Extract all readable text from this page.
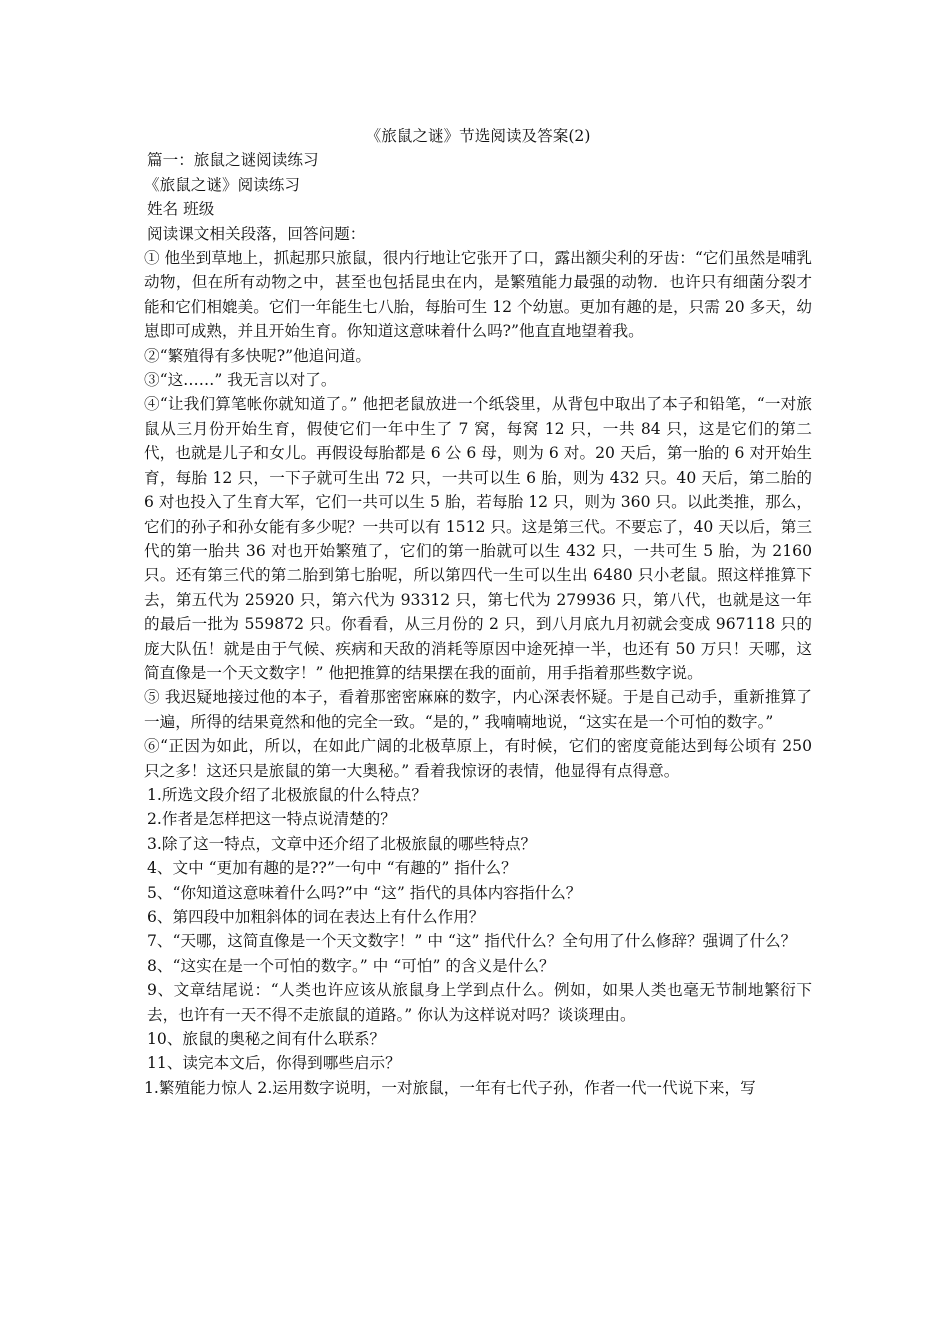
《旅鼠之谜》节选阅读及答案(2)

篇一：旅鼠之谜阅读练习

《旅鼠之谜》阅读练习

姓名 班级

阅读课文相关段落，回答问题：

① 他坐到草地上，抓起那只旅鼠，很内行地让它张开了口，露出额尖利的牙齿：“它们虽然是哺乳动物，但在所有动物之中，甚至也包括昆虫在内，是繁殖能力最强的动物．也许只有细菌分裂才能和它们相媲美。它们一年能生七八胎，每胎可生 12 个幼崽。更加有趣的是，只需 20 多天，幼崽即可成熟，并且开始生育。你知道这意味着什么吗?”他直直地望着我。

②“繁殖得有多快呢?”他追问道。

③“这……” 我无言以对了。

④“让我们算笔帐你就知道了。” 他把老鼠放进一个纸袋里，从背包中取出了本子和铅笔，“一对旅鼠从三月份开始生育，假使它们一年中生了 7 窝，每窝 12 只，一共 84 只，这是它们的第二代，也就是儿子和女儿。再假设每胎都是 6 公 6 母，则为 6 对。20 天后，第一胎的 6 对开始生育，每胎 12 只，一下子就可生出 72 只，一共可以生 6 胎，则为 432 只。40 天后，第二胎的 6 对也投入了生育大军，它们一共可以生 5 胎，若每胎 12 只，则为 360 只。以此类推，那么，它们的孙子和孙女能有多少呢？一共可以有 1512 只。这是第三代。不要忘了，40 天以后，第三代的第一胎共 36 对也开始繁殖了，它们的第一胎就可以生 432 只，一共可生 5 胎，为 2160 只。还有第三代的第二胎到第七胎呢，所以第四代一生可以生出 6480 只小老鼠。照这样推算下去，第五代为 25920 只，第六代为 93312 只，第七代为 279936 只，第八代，也就是这一年的最后一批为 559872 只。你看看，从三月份的 2 只，到八月底九月初就会变成 967118 只的庞大队伍！就是由于气候、疾病和天敌的消耗等原因中途死掉一半，也还有 50 万只！天哪，这简直像是一个天文数字！” 他把推算的结果摆在我的面前，用手指着那些数字说。

⑤ 我迟疑地接过他的本子，看着那密密麻麻的数字，内心深表怀疑。于是自己动手，重新推算了一遍，所得的结果竟然和他的完全一致。“是的，” 我喃喃地说，“这实在是一个可怕的数字。”

⑥“正因为如此，所以，在如此广阔的北极草原上，有时候，它们的密度竟能达到每公顷有 250 只之多！这还只是旅鼠的第一大奥秘。” 看着我惊讶的表情，他显得有点得意。

1.所选文段介绍了北极旅鼠的什么特点？

2.作者是怎样把这一特点说清楚的？

3.除了这一特点，文章中还介绍了北极旅鼠的哪些特点？

4、文中 “更加有趣的是??”一句中 “有趣的” 指什么？

5、“你知道这意味着什么吗?”中 “这” 指代的具体内容指什么？

6、第四段中加粗斜体的词在表达上有什么作用？

7、“天哪，这简直像是一个天文数字！” 中 “这” 指代什么？全句用了什么修辞？强调了什么？

8、“这实在是一个可怕的数字。” 中 “可怕” 的含义是什么？

9、文章结尾说：“人类也许应该从旅鼠身上学到点什么。例如，如果人类也毫无节制地繁衍下去，也许有一天不得不走旅鼠的道路。” 你认为这样说对吗？谈谈理由。

10、旅鼠的奥秘之间有什么联系？

11、读完本文后，你得到哪些启示？

1.繁殖能力惊人 2.运用数字说明，一对旅鼠，一年有七代子孙，作者一代一代说下来，写
